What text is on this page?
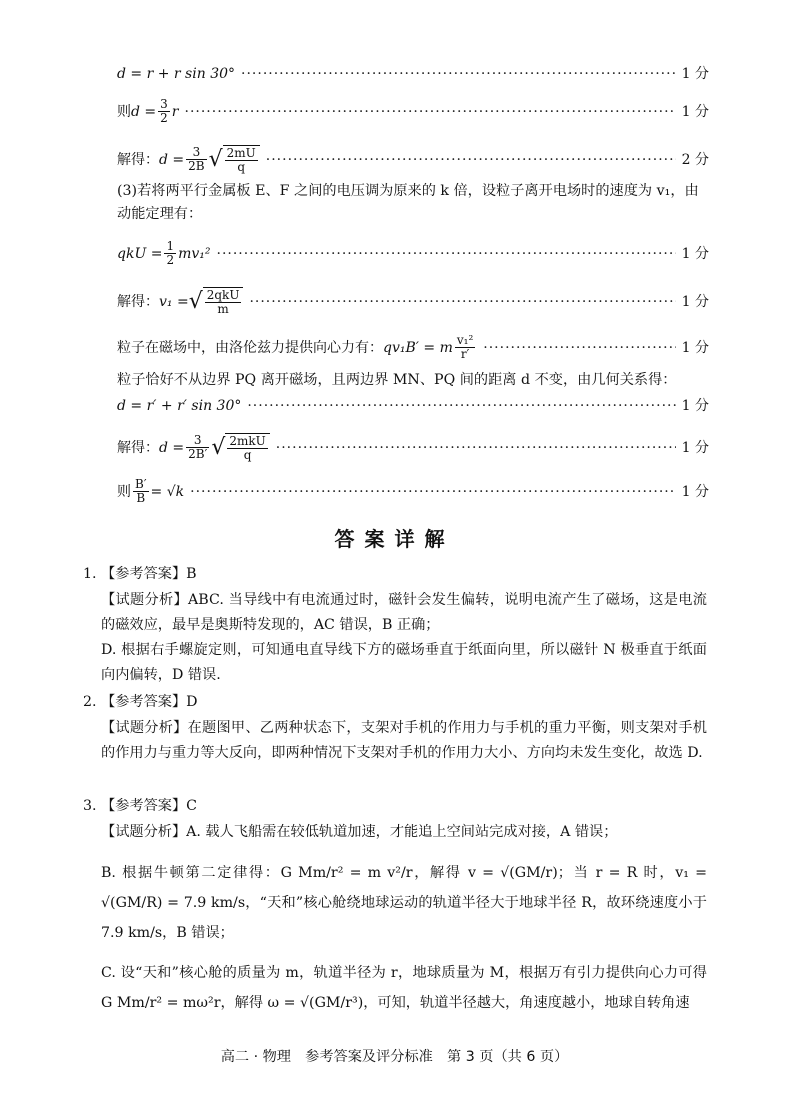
d = r + r sin 30° ·····	1 分
则 $d = \frac{3}{2}$ r ·····	1 分
解得： $d = \frac{3}{2B}$ √ $\frac{2mU}{q}$ ·····	2 分
(3)若将两平行金属板 E、F 之间的电压调为原来的 k 倍，设粒子离开电场时的速度为 v₁，由动能定理有：
qkU = $\frac{1}{2} mv_1^2$ ·····	1 分
解得： v₁ = √ $\frac{\text{2qkU}}{m}$ ·····	1 分
粒子在磁场中，由洛伦兹力提供向心力有： qv₁B′ = m $\frac{\text{v₁²}}{r'}$ ·····	1 分
粒子恰好不从边界 PQ 离开磁场，且两边界 MN、PQ 间的距离 d 不变，由几何关系得：
d = r′ + r′ sin 30° ·····	1 分
解得： $d = \frac{3}{2B'}$ √ $\frac{\text{2mkU}}{q}$ ·····	1 分
则 $\frac{B'}{B} = √k$ ·····	1 分
答案详解
1. 【参考答案】B
【试题分析】ABC. 当导线中有电流通过时，磁针会发生偏转，说明电流产生了磁场，这是电流的磁效应，最早是奥斯特发现的，AC 错误，B 正确；
D. 根据右手螺旋定则，可知通电直导线下方的磁场垂直于纸面向里，所以磁针 N 极垂直于纸面向内偏转，D 错误.
2. 【参考答案】D
【试题分析】在题图甲、乙两种状态下，支架对手机的作用力与手机的重力平衡，则支架对手机的作用力与重力等大反向，即两种情况下支架对手机的作用力大小、方向均未发生变化，故选 D.
3. 【参考答案】C
【试题分析】A. 载人飞船需在较低轨道加速，才能追上空间站完成对接，A 错误；
B. 根据牛顿第二定律得：G Mm/r² = m v²/r，解得 v = √(GM/r)；当 r = R 时，v₁ = √(GM/R) = 7.9 km/s，“天和”核心舱绕地球运动的轨道半径大于地球半径 R，故环绕速度小于 7.9 km/s，B 错误；
C. 设“天和”核心舱的质量为 m，轨道半径为 r，地球质量为 M，根据万有引力提供向心力可得 G Mm/r² = mω²r，解得 ω = √(GM/r³)，可知，轨道半径越大，角速度越小，地球自转角速
高二 · 物理　参考答案及评分标准　第 3 页（共 6 页）
